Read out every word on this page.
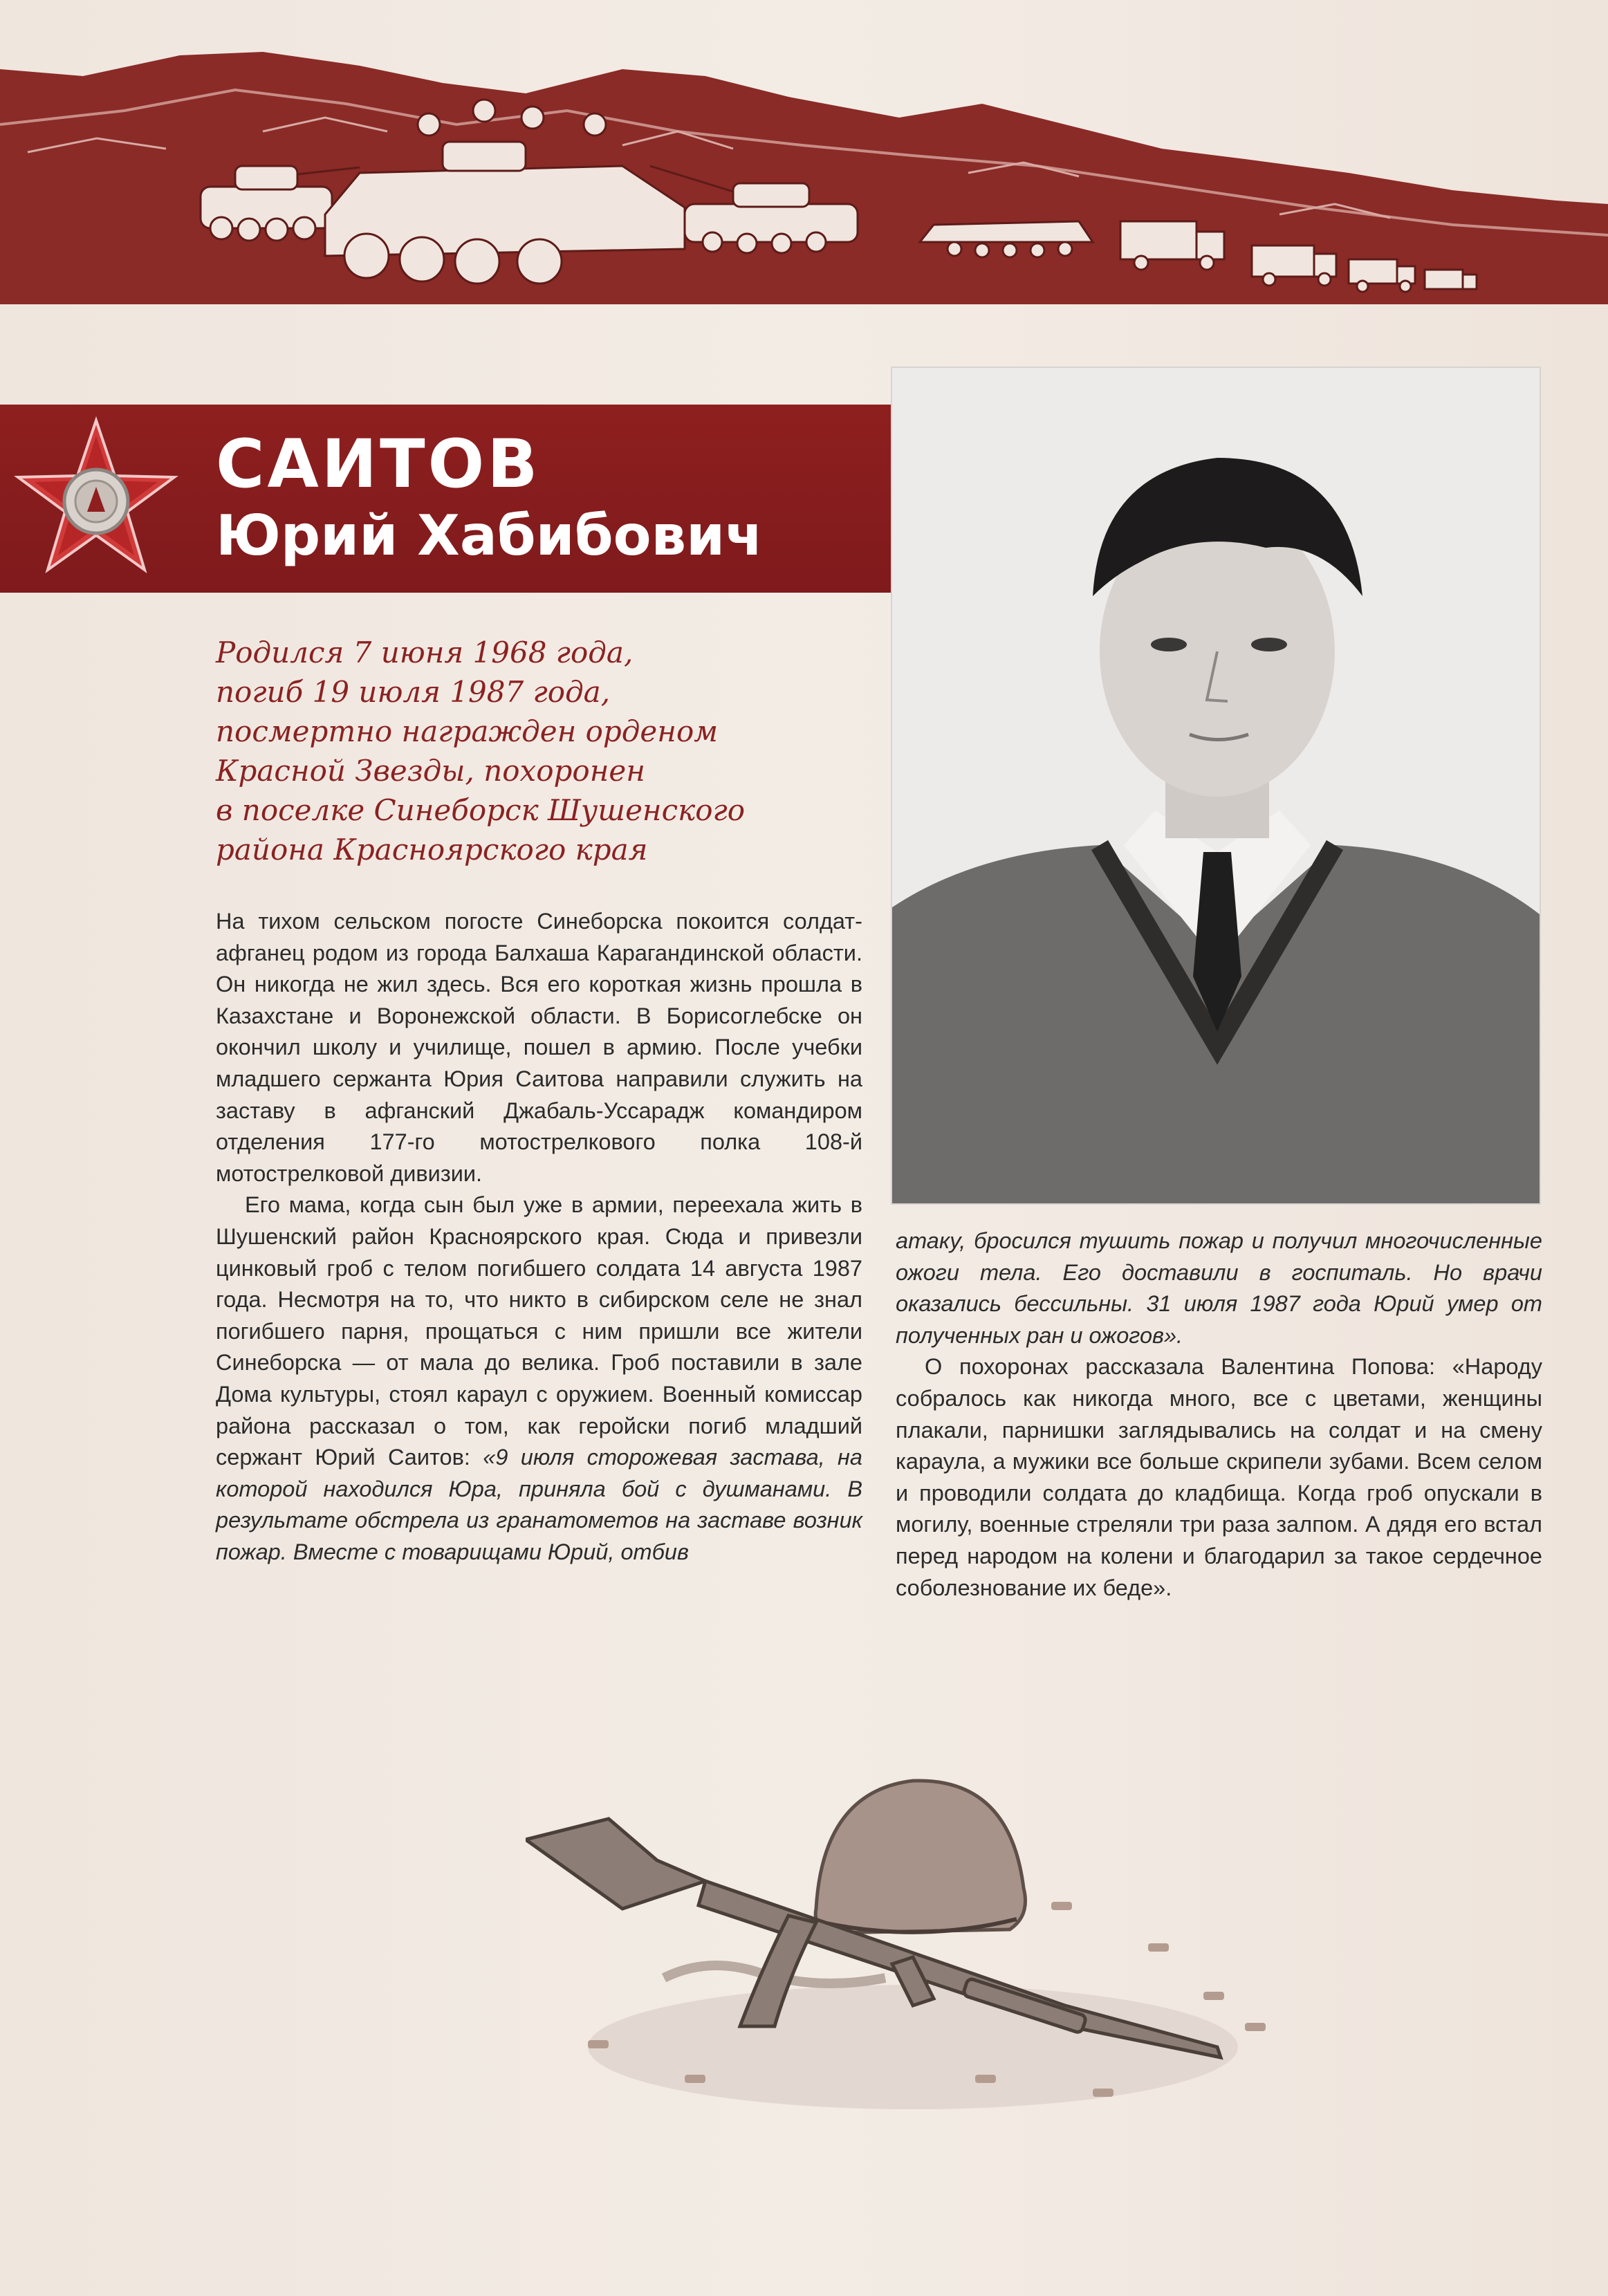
САИТОВ
Юрий Хабибович
Родился 7 июня 1968 года,
погиб 19 июля 1987 года,
посмертно награжден орденом
Красной Звезды, похоронен
в поселке Синеборск Шушенского
района Красноярского края

На тихом сельском погосте Синеборска покоится солдат-афганец родом из города Балхаша Карагандинской области. Он никогда не жил здесь. Вся его короткая жизнь прошла в Казахстане и Воронежской области. В Борисоглебске он окончил школу и училище, пошел в армию. После учебки младшего сержанта Юрия Саитова направили служить на заставу в афганский Джабаль-Уссарадж командиром отделения 177-го мотострелкового полка 108-й мотострелковой дивизии.

Его мама, когда сын был уже в армии, переехала жить в Шушенский район Красноярского края. Сюда и привезли цинковый гроб с телом погибшего солдата 14 августа 1987 года. Несмотря на то, что никто в сибирском селе не знал погибшего парня, прощаться с ним пришли все жители Синеборска — от мала до велика. Гроб поставили в зале Дома культуры, стоял караул с оружием. Военный комиссар района рассказал о том, как геройски погиб младший сержант Юрий Саитов: «9 июля сторожевая застава, на которой находился Юра, приняла бой с душманами. В результате обстрела из гранатометов на заставе возник пожар. Вместе с товарищами Юрий, отбив

атаку, бросился тушить пожар и получил многочисленные ожоги тела. Его доставили в госпиталь. Но врачи оказались бессильны. 31 июля 1987 года Юрий умер от полученных ран и ожогов».

О похоронах рассказала Валентина Попова: «Народу собралось как никогда много, все с цветами, женщины плакали, парнишки заглядывались на солдат и на смену караула, а мужики все больше скрипели зубами. Всем селом и проводили солдата до кладбища. Когда гроб опускали в могилу, военные стреляли три раза залпом. А дядя его встал перед народом на колени и благодарил за такое сердечное соболезнование их беде».
